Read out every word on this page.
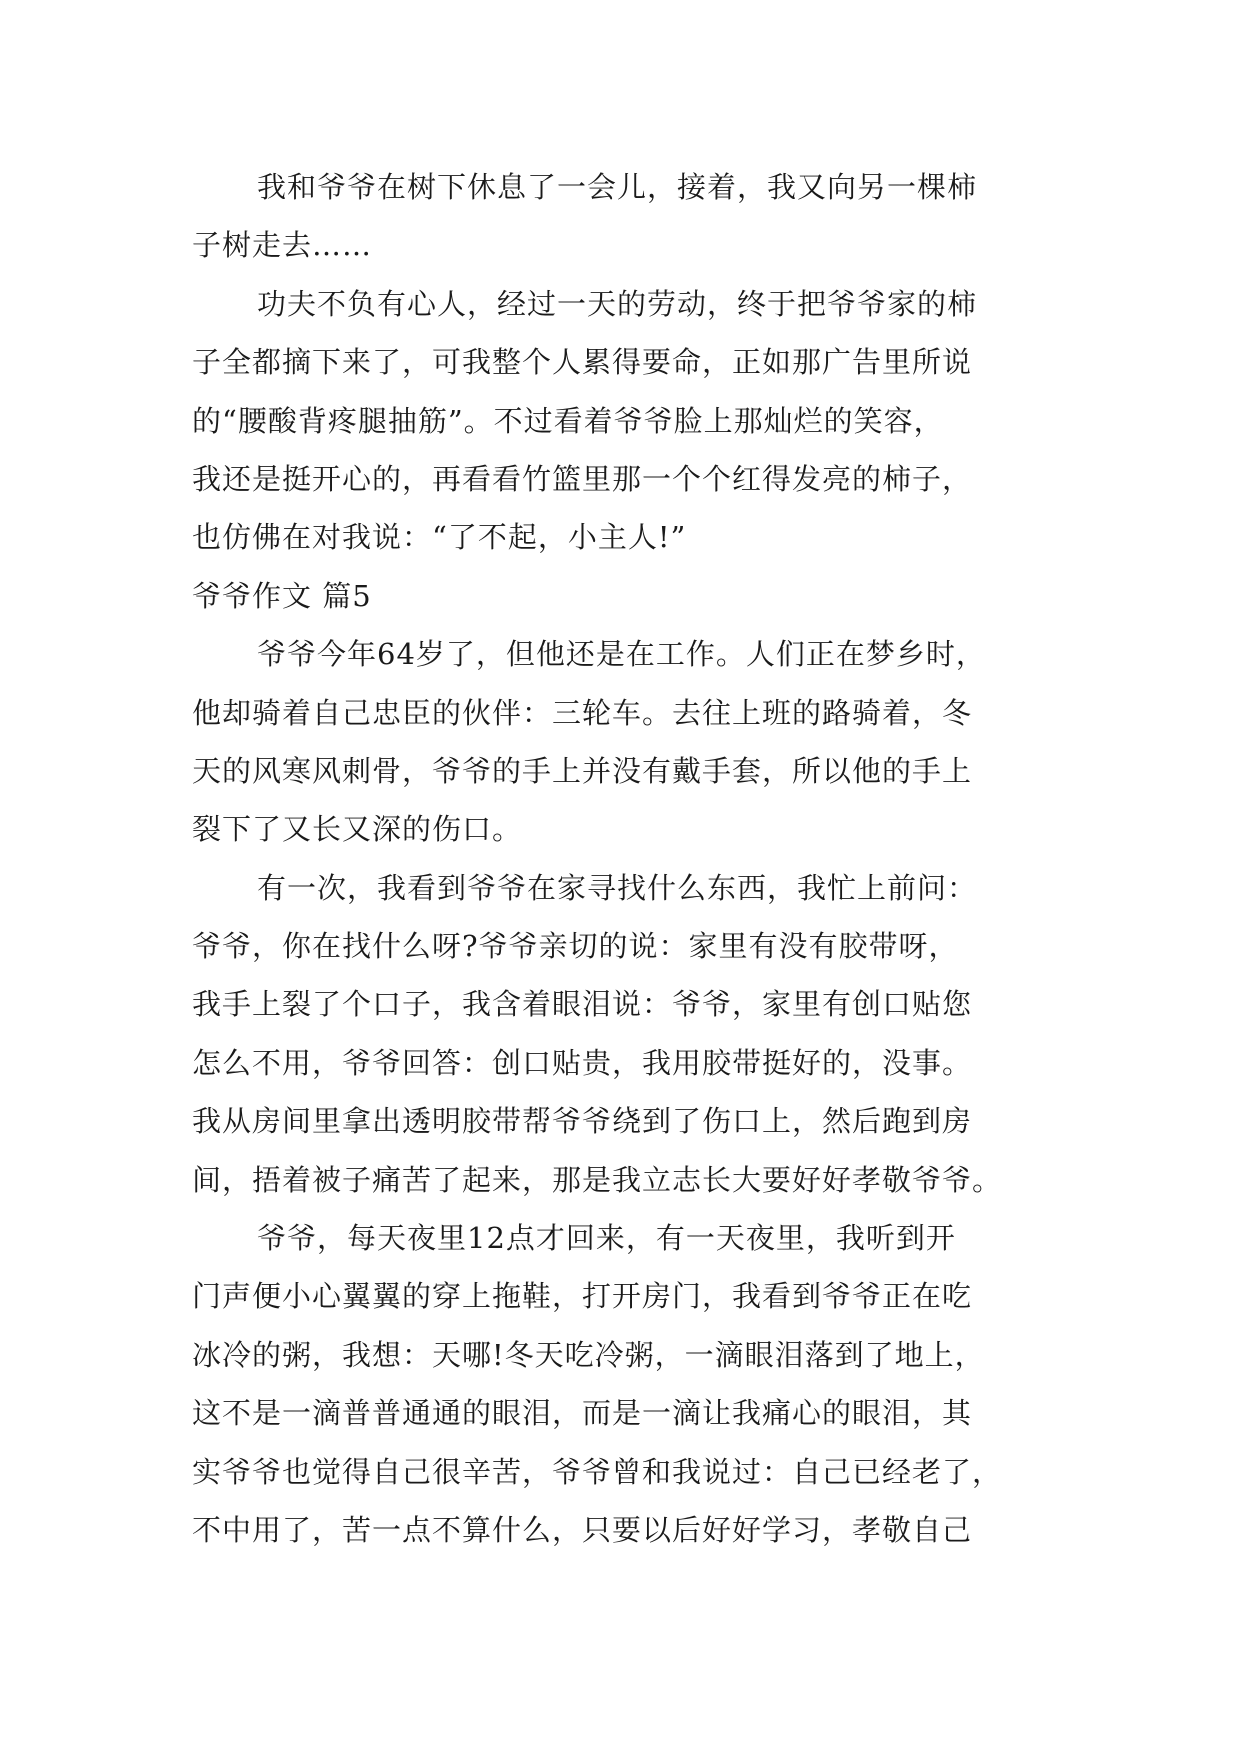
我和爷爷在树下休息了一会儿，接着，我又向另一棵柿
子树走去……
功夫不负有心人，经过一天的劳动，终于把爷爷家的柿
子全都摘下来了，可我整个人累得要命，正如那广告里所说
的“腰酸背疼腿抽筋”。不过看着爷爷脸上那灿烂的笑容，
我还是挺开心的，再看看竹篮里那一个个红得发亮的柿子，
也仿佛在对我说：“了不起，小主人!”
爷爷作文 篇5
爷爷今年64岁了，但他还是在工作。人们正在梦乡时，
他却骑着自己忠臣的伙伴：三轮车。去往上班的路骑着，冬
天的风寒风刺骨，爷爷的手上并没有戴手套，所以他的手上
裂下了又长又深的伤口。
有一次，我看到爷爷在家寻找什么东西，我忙上前问：
爷爷，你在找什么呀?爷爷亲切的说：家里有没有胶带呀，
我手上裂了个口子，我含着眼泪说：爷爷，家里有创口贴您
怎么不用，爷爷回答：创口贴贵，我用胶带挺好的，没事。
我从房间里拿出透明胶带帮爷爷绕到了伤口上，然后跑到房
间，捂着被子痛苦了起来，那是我立志长大要好好孝敬爷爷。
爷爷，每天夜里12点才回来，有一天夜里，我听到开
门声便小心翼翼的穿上拖鞋，打开房门，我看到爷爷正在吃
冰冷的粥，我想：天哪!冬天吃冷粥，一滴眼泪落到了地上，
这不是一滴普普通通的眼泪，而是一滴让我痛心的眼泪，其
实爷爷也觉得自己很辛苦，爷爷曾和我说过：自己已经老了，
不中用了，苦一点不算什么，只要以后好好学习，孝敬自己
